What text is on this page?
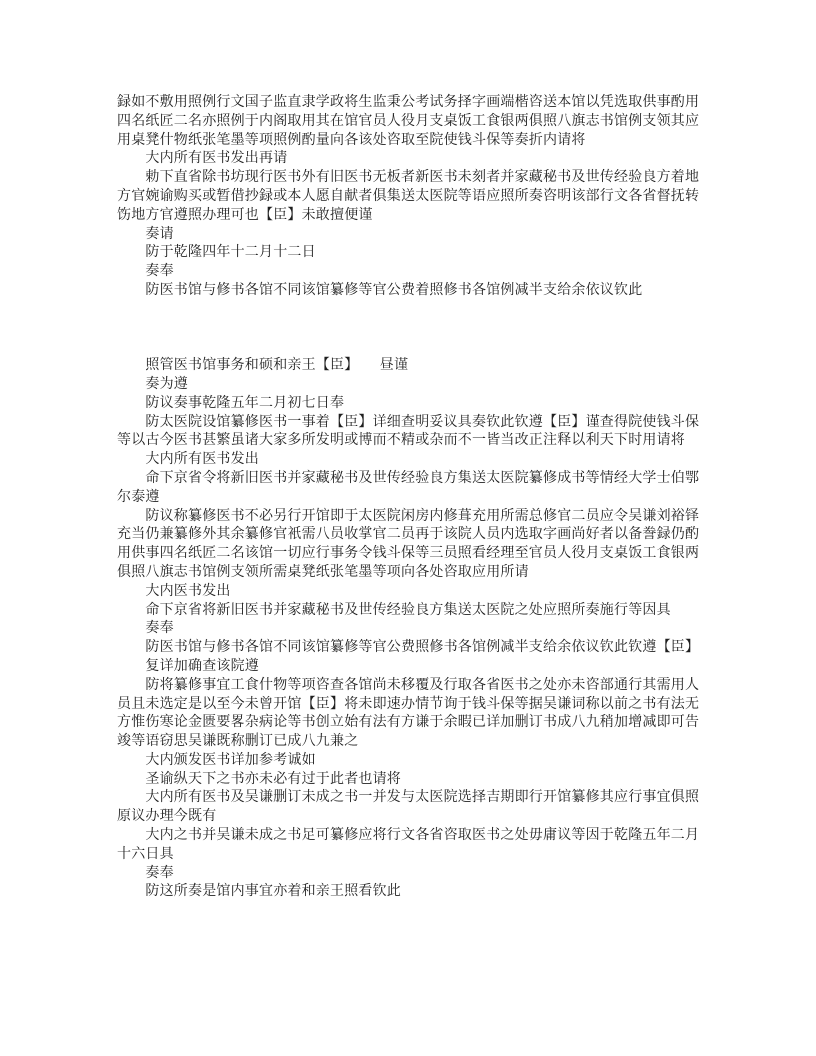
録如不敷用照例行文国子监直隶学政将生监秉公考试务择字画端楷咨送本馆以凭选取供事酌用
四名纸匠二名亦照例于内阁取用其在馆官员人役月支桌饭工食银两俱照八旗志书馆例支领其应
用桌凳什物纸张笔墨等项照例酌量向各该处咨取至院使钱斗保等奏折内请将
　　大内所有医书发出再请
　　勅下直省除书坊现行医书外有旧医书无板者新医书未刻者并家藏秘书及世传经验良方着地
方官婉谕购买或暂借抄録或本人愿自献者俱集送太医院等语应照所奏咨明该部行文各省督抚转
饬地方官遵照办理可也【臣】未敢擅便谨
　　奏请
　　防于乾隆四年十二月十二日
　　奏奉
　　防医书馆与修书各馆不同该馆纂修等官公费着照修书各馆例减半支给余依议钦此
　　照管医书馆事务和硕和亲王【臣】　　昼谨
　　奏为遵
　　防议奏事乾隆五年二月初七日奉
　　防太医院设馆纂修医书一事着【臣】详细查明妥议具奏钦此钦遵【臣】谨查得院使钱斗保
等以古今医书甚繁虽诸大家多所发明或博而不精或杂而不一皆当改正注释以利天下时用请将
　　大内所有医书发出
　　命下京省令将新旧医书并家藏秘书及世传经验良方集送太医院纂修成书等情经大学士伯鄂
尔泰遵
　　防议称纂修医书不必另行开馆即于太医院闲房内修葺充用所需总修官二员应令吴谦刘裕铎
充当仍兼纂修外其余纂修官衹需八员收掌官二员再于该院人员内选取字画尚好者以备誊録仍酌
用供事四名纸匠二名该馆一切应行事务令钱斗保等三员照看经理至官员人役月支桌饭工食银两
俱照八旗志书馆例支领所需桌凳纸张笔墨等项向各处咨取应用所请
　　大内医书发出
　　命下京省将新旧医书并家藏秘书及世传经验良方集送太医院之处应照所奏施行等因具
　　奏奉
　　防医书馆与修书各馆不同该馆纂修等官公费照修书各馆例减半支给余依议钦此钦遵【臣】
　　复详加确查该院遵
　　防将纂修事宜工食什物等项咨查各馆尚未移覆及行取各省医书之处亦未咨部通行其需用人
员且未选定是以至今未曾开馆【臣】将未即速办情节询于钱斗保等据吴谦词称以前之书有法无
方惟伤寒论金匮要畧杂病论等书创立始有法有方谦于余暇已详加删订书成八九稍加增减即可告
竣等语窃思吴谦既称删订已成八九兼之
　　大内颁发医书详加参考诚如
　　圣谕纵天下之书亦未必有过于此者也请将
　　大内所有医书及吴谦删订未成之书一并发与太医院选择吉期即行开馆纂修其应行事宜俱照
原议办理今既有
　　大内之书并吴谦未成之书足可纂修应将行文各省咨取医书之处毋庸议等因于乾隆五年二月
十六日具
　　奏奉
　　防这所奏是馆内事宜亦着和亲王照看钦此
